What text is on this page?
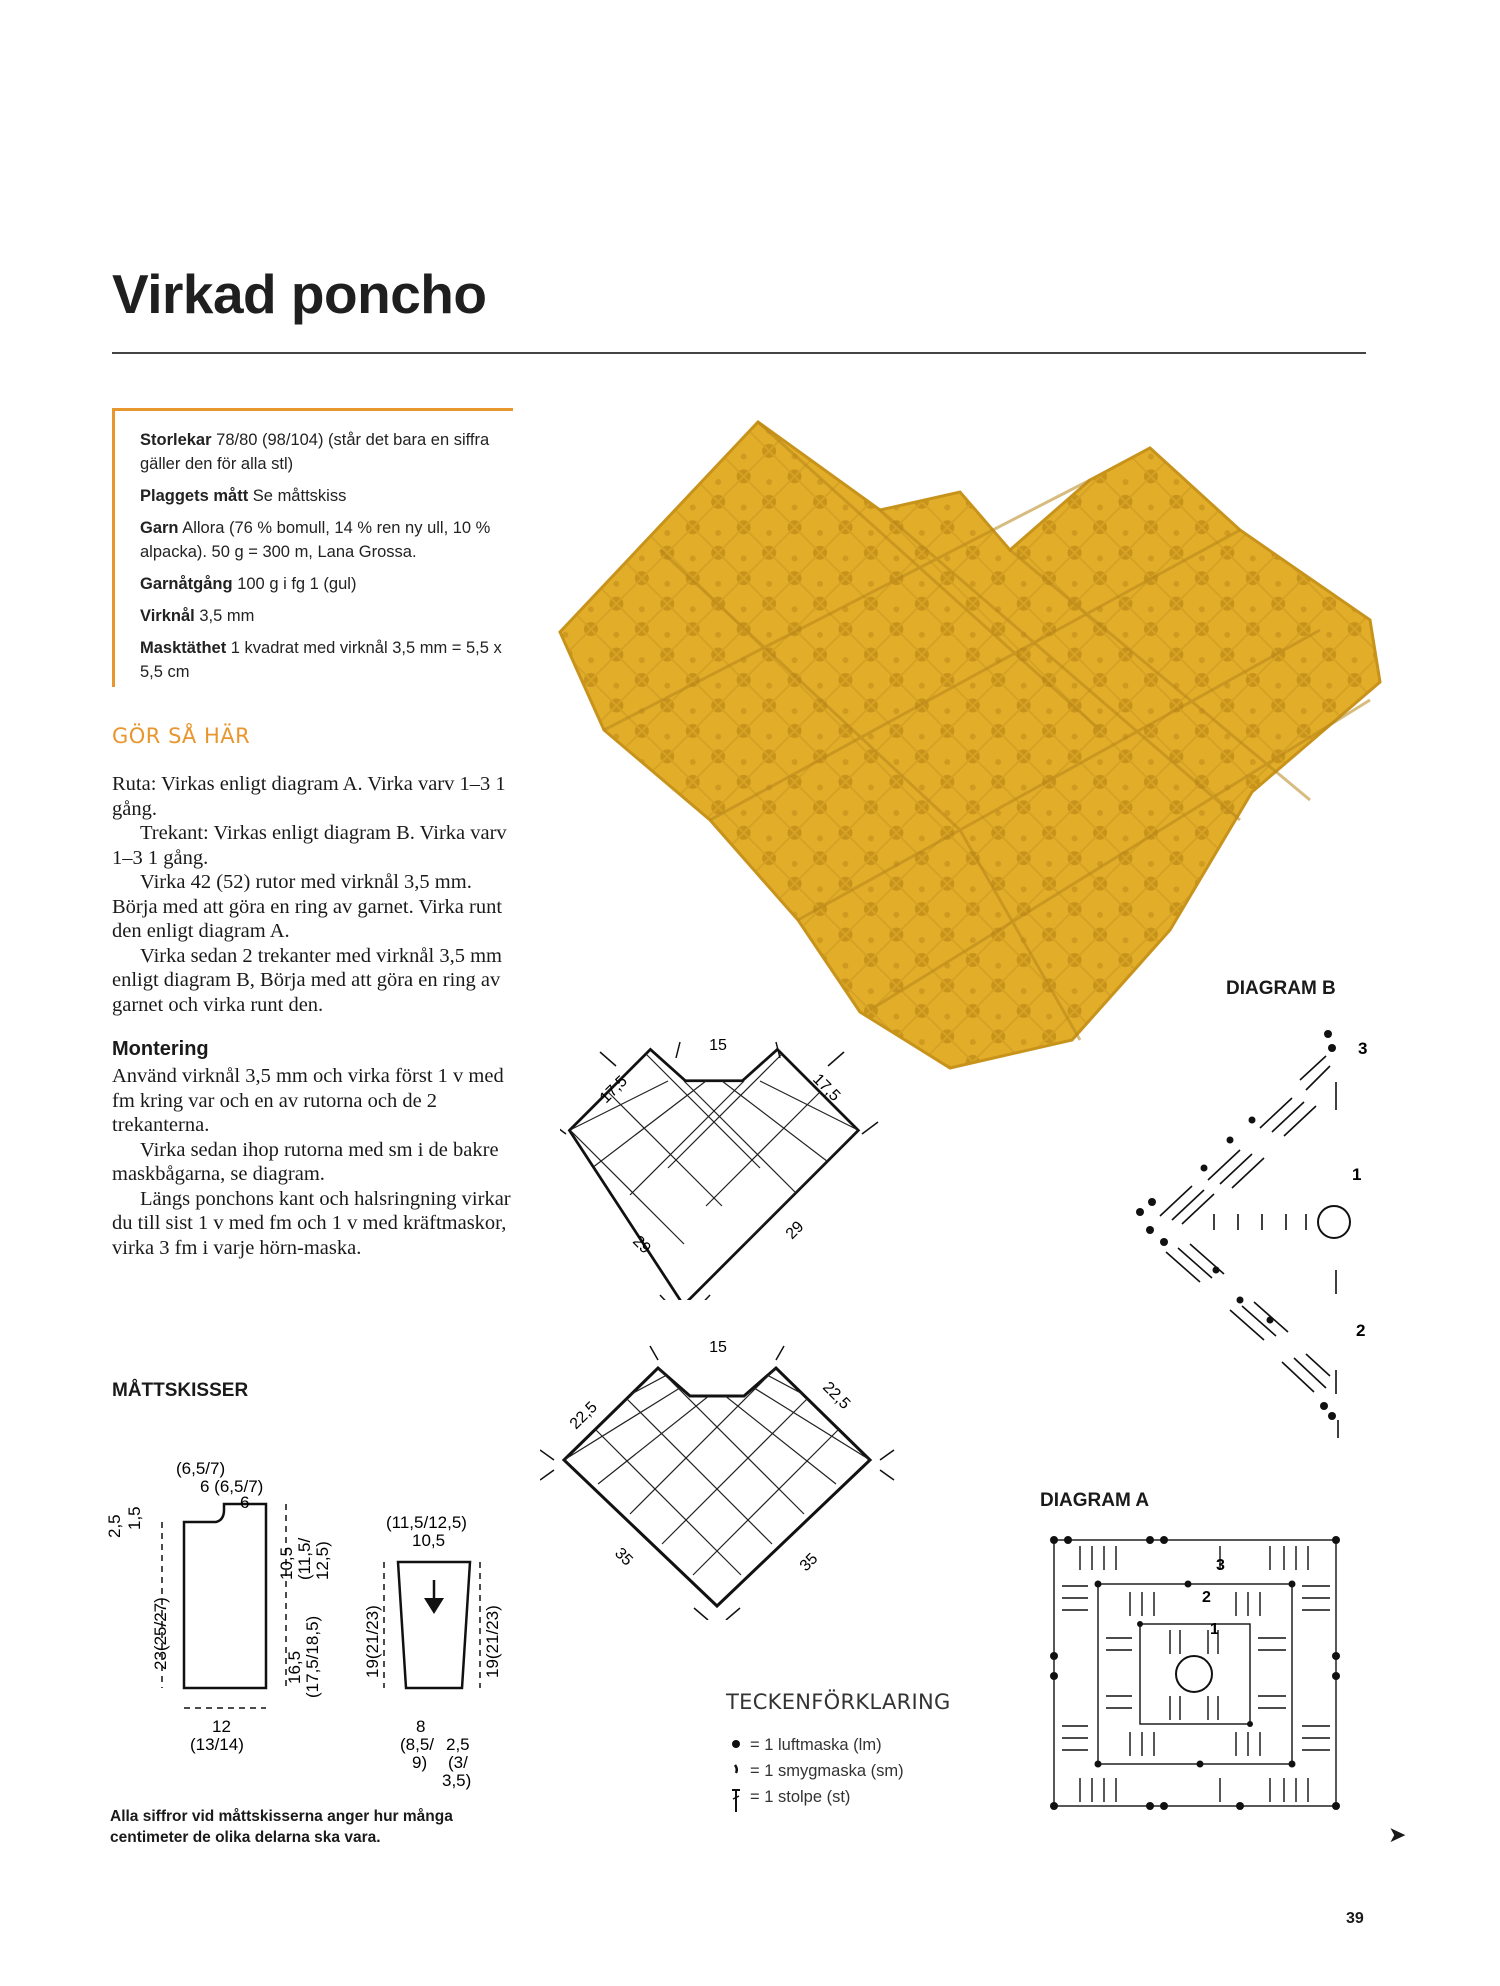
Virkad poncho

Storlekar 78/80 (98/104) (står det bara en siffra gäller den för alla stl)

Plaggets mått Se måttskiss

Garn Allora (76 % bomull, 14 % ren ny ull, 10 % alpacka). 50 g = 300 m, Lana Grossa.

Garnåtgång 100 g i fg 1 (gul)

Virknål 3,5 mm

Masktäthet 1 kvadrat med virknål 3,5 mm = 5,5 x 5,5 cm

GÖR SÅ HÄR

Ruta: Virkas enligt diagram A. Virka varv 1–3 1 gång.

Trekant: Virkas enligt diagram B. Virka varv 1–3 1 gång.

Virka 42 (52) rutor med virknål 3,5 mm. Börja med att göra en ring av garnet. Virka runt den enligt diagram A.

Virka sedan 2 trekanter med virknål 3,5 mm enligt diagram B, Börja med att göra en ring av garnet och virka runt den.

Montering

Använd virknål 3,5 mm och virka först 1 v med fm kring var och en av rutorna och de 2 trekanterna.

Virka sedan ihop rutorna med sm i de bakre maskbågarna, se diagram.

Längs ponchons kant och halsringning virkar du till sist 1 v med fm och 1 v med kräftmaskor, virka 3 fm i varje hörn-maska.

15
17,5	17,5
29
29
15
22,5
22,5
35	35
MÅTTSKISSER
(6,5/7)
6 (6,5/7)
6
2,5 1,5
23(25/27)
10,5 (11,5/ 12,5)
16,5 (17,5/18,5)
12
(13/14)
(11,5/12,5)
10,5
19(21/23)	19(21/23)
8
(8,5/
9)
2,5
(3/
3,5)
Alla siffror vid måttskisserna anger hur många centimeter de olika delarna ska vara.
DIAGRAM B
3
1
2
DIAGRAM A
3
2
1
TECKENFÖRKLARING
= 1 luftmaska (lm)
= 1 smygmaska (sm)
= 1 stolpe (st)
➤
39
